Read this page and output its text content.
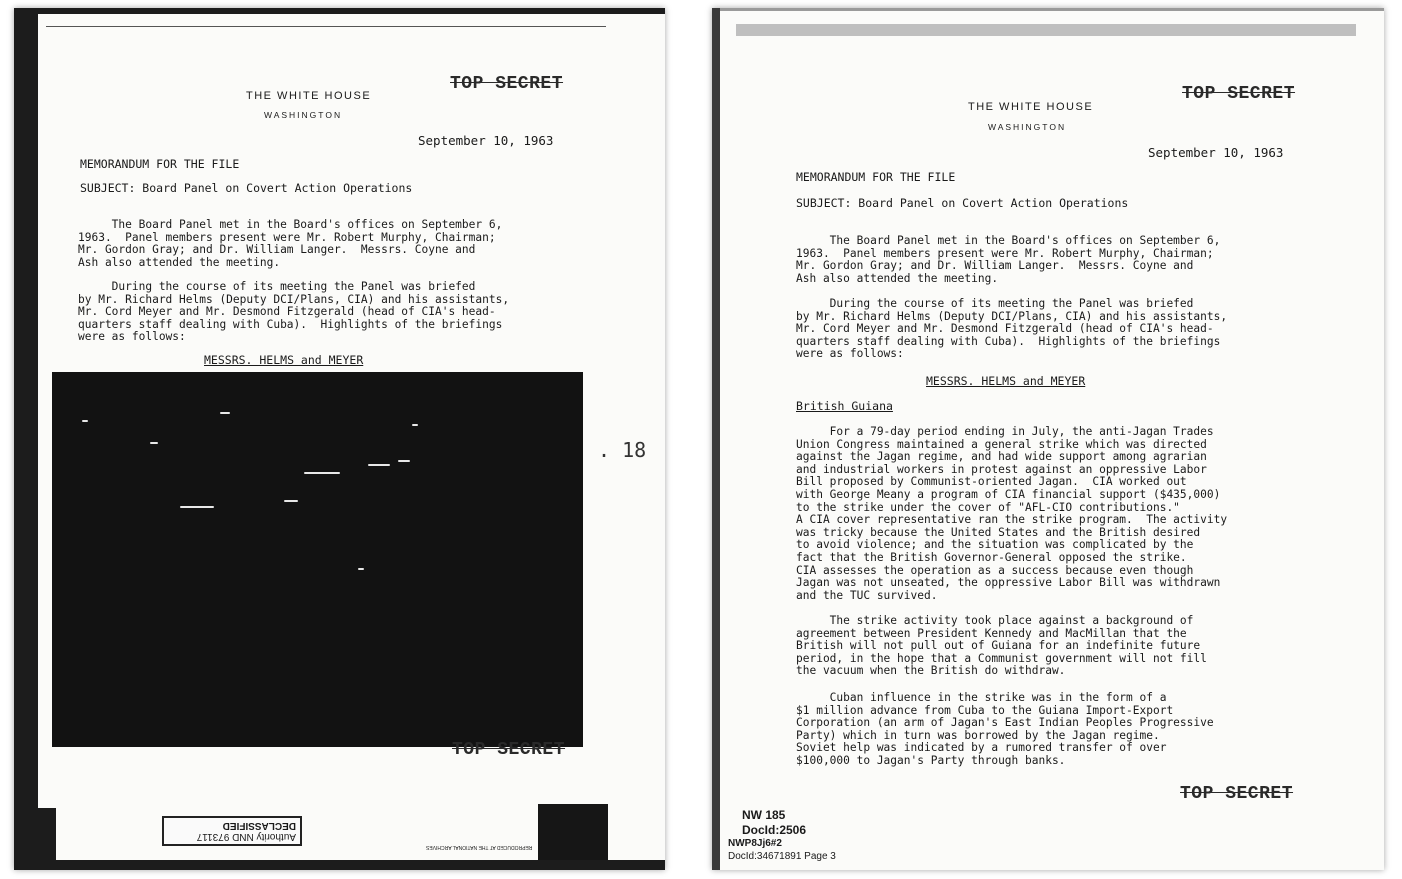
THE WHITE HOUSE
WASHINGTON
TOP SECRET
September 10, 1963
MEMORANDUM FOR THE FILE
SUBJECT: Board Panel on Covert Action Operations
The Board Panel met in the Board's offices on September 6,
1963.  Panel members present were Mr. Robert Murphy, Chairman;
Mr. Gordon Gray; and Dr. William Langer.  Messrs. Coyne and
Ash also attended the meeting.
During the course of its meeting the Panel was briefed
by Mr. Richard Helms (Deputy DCI/Plans, CIA) and his assistants,
Mr. Cord Meyer and Mr. Desmond Fitzgerald (head of CIA's head-
quarters staff dealing with Cuba).  Highlights of the briefings
were as follows:
MESSRS. HELMS and MEYER
. 18
TOP SECRET
Authority NND 973117
DECLASSIFIED
REPRODUCED AT THE NATIONAL ARCHIVES
THE WHITE HOUSE
WASHINGTON
TOP SECRET
September 10, 1963
MEMORANDUM FOR THE FILE
SUBJECT: Board Panel on Covert Action Operations
The Board Panel met in the Board's offices on September 6,
1963.  Panel members present were Mr. Robert Murphy, Chairman;
Mr. Gordon Gray; and Dr. William Langer.  Messrs. Coyne and
Ash also attended the meeting.
During the course of its meeting the Panel was briefed
by Mr. Richard Helms (Deputy DCI/Plans, CIA) and his assistants,
Mr. Cord Meyer and Mr. Desmond Fitzgerald (head of CIA's head-
quarters staff dealing with Cuba).  Highlights of the briefings
were as follows:
MESSRS. HELMS and MEYER
British Guiana
For a 79-day period ending in July, the anti-Jagan Trades
Union Congress maintained a general strike which was directed
against the Jagan regime, and had wide support among agrarian
and industrial workers in protest against an oppressive Labor
Bill proposed by Communist-oriented Jagan.  CIA worked out
with George Meany a program of CIA financial support ($435,000)
to the strike under the cover of "AFL-CIO contributions."
A CIA cover representative ran the strike program.  The activity
was tricky because the United States and the British desired
to avoid violence; and the situation was complicated by the
fact that the British Governor-General opposed the strike.
CIA assesses the operation as a success because even though
Jagan was not unseated, the oppressive Labor Bill was withdrawn
and the TUC survived.
The strike activity took place against a background of
agreement between President Kennedy and MacMillan that the
British will not pull out of Guiana for an indefinite future
period, in the hope that a Communist government will not fill
the vacuum when the British do withdraw.
Cuban influence in the strike was in the form of a
$1 million advance from Cuba to the Guiana Import-Export
Corporation (an arm of Jagan's East Indian Peoples Progressive
Party) which in turn was borrowed by the Jagan regime.
Soviet help was indicated by a rumored transfer of over
$100,000 to Jagan's Party through banks.
TOP SECRET
NW 185
DocId:2506
NWP8Jj6#2
DocId:34671891 Page 3
